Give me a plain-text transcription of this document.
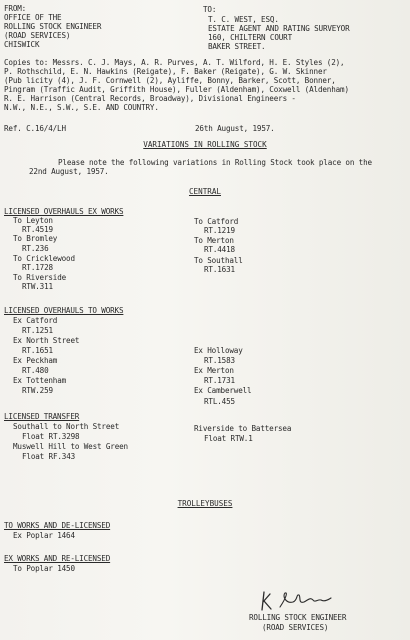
FROM:
OFFICE OF THE
ROLLING STOCK ENGINEER
(ROAD SERVICES)
CHISWICK
TO:
T. C. WEST, ESQ.
ESTATE AGENT AND RATING SURVEYOR
160, CHILTERN COURT
BAKER STREET.
Copies to: Messrs. C. J. Mays, A. R. Purves, A. T. Wilford, H. E. Styles (2),
P. Rothschild, E. N. Hawkins (Reigate), F. Baker (Reigate), G. W. Skinner
(Pub licity (4), J. F. Cornwell (2), Ayliffe, Bonny, Barker, Scott, Bonner,
Pingram (Traffic Audit, Griffith House), Fuller (Aldenham), Coxwell (Aldenham)
R. E. Harrison (Central Records, Broadway), Divisional Engineers -
N.W., N.E., S.W., S.E. AND COUNTRY.
Ref. C.16/4/LH	26th August, 1957.
VARIATIONS IN ROLLING STOCK
Please note the following variations in Rolling Stock took place on the
22nd August, 1957.
CENTRAL
LICENSED OVERHAULS EX WORKS
To Leyton
RT.4519
To Bromley
RT.236
To Cricklewood
RT.1728
To Riverside
RTW.311
To Catford
RT.1219
To Merton
RT.4418
To Southall
RT.1631
LICENSED OVERHAULS TO WORKS
Ex Catford
RT.1251
Ex North Street
RT.1651
Ex Peckham
RT.480
Ex Tottenham
RTW.259
Ex Holloway
RT.1583
Ex Merton
RT.1731
Ex Camberwell
RTL.455
LICENSED TRANSFER
Southall to North Street
Float RT.3298
Muswell Hill to West Green
Float RF.343
Riverside to Battersea
Float RTW.1
TROLLEYBUSES
TO WORKS AND DE-LICENSED
Ex Poplar 1464
EX WORKS AND RE-LICENSED
To Poplar 1450
ROLLING STOCK ENGINEER
(ROAD SERVICES)
